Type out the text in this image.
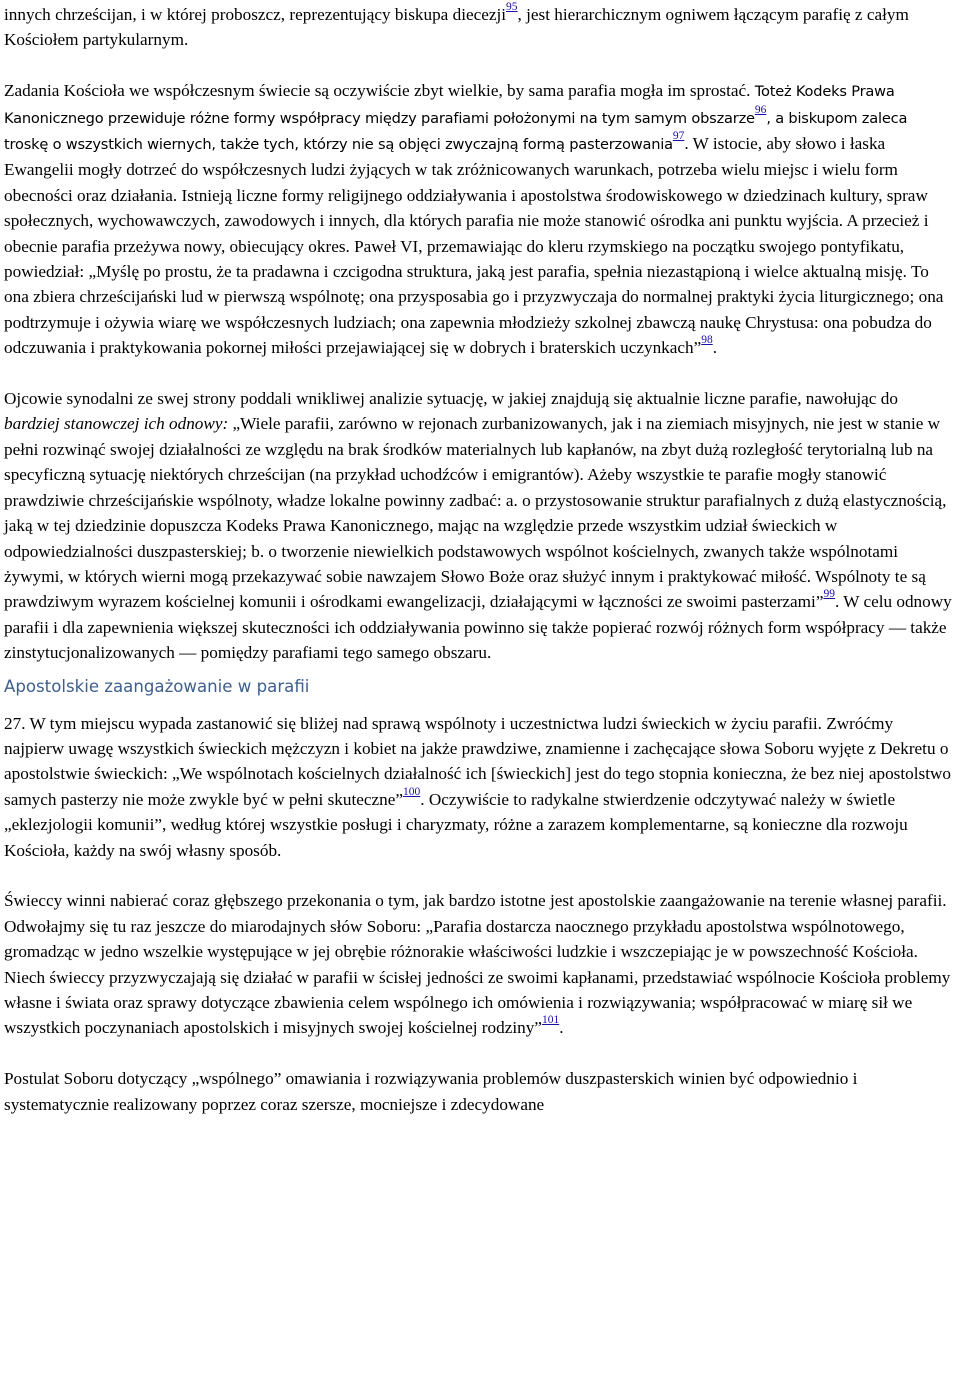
innych chrześcijan, i w której proboszcz, reprezentujący biskupa diecezji$^{95}$, jest hierarchicznym ogniwem łączącym parafię z całym Kościołem partykularnym.

Zadania Kościoła we współczesnym świecie są oczywiście zbyt wielkie, by sama parafia mogła im sprostać. Toteż Kodeks Prawa Kanonicznego przewiduje różne formy współpracy między parafiami położonymi na tym samym obszarze$^{96}$, a biskupom zaleca troskę o wszystkich wiernych, także tych, którzy nie są objęci zwyczajną formą pasterzowania$^{97}$. W istocie, aby słowo i łaska Ewangelii mogły dotrzeć do współczesnych ludzi żyjących w tak zróżnicowanych warunkach, potrzeba wielu miejsc i wielu form obecności oraz działania. Istnieją liczne formy religijnego oddziaływania i apostolstwa środowiskowego w dziedzinach kultury, spraw społecznych, wychowawczych, zawodowych i innych, dla których parafia nie może stanowić ośrodka ani punktu wyjścia. A przecież i obecnie parafia przeżywa nowy, obiecujący okres. Paweł VI, przemawiając do kleru rzymskiego na początku swojego pontyfikatu, powiedział: „Myślę po prostu, że ta pradawna i czcigodna struktura, jaką jest parafia, spełnia niezastąpioną i wielce aktualną misję. To ona zbiera chrześcijański lud w pierwszą wspólnotę; ona przysposabia go i przyzwyczaja do normalnej praktyki życia liturgicznego; ona podtrzymuje i ożywia wiarę we współczesnych ludziach; ona zapewnia młodzieży szkolnej zbawczą naukę Chrystusa: ona pobudza do odczuwania i praktykowania pokornej miłości przejawiającej się w dobrych i braterskich uczynkach”$^{98}$.

Ojcowie synodalni ze swej strony poddali wnikliwej analizie sytuację, w jakiej znajdują się aktualnie liczne parafie, nawołując do bardziej stanowczej ich odnowy: „Wiele parafii, zarówno w rejonach zurbanizowanych, jak i na ziemiach misyjnych, nie jest w stanie w pełni rozwinąć swojej działalności ze względu na brak środków materialnych lub kapłanów, na zbyt dużą rozległość terytorialną lub na specyficzną sytuację niektórych chrześcijan (na przykład uchodźców i emigrantów). Ażeby wszystkie te parafie mogły stanowić prawdziwie chrześcijańskie wspólnoty, władze lokalne powinny zadbać: a. o przystosowanie struktur parafialnych z dużą elastycznością, jaką w tej dziedzinie dopuszcza Kodeks Prawa Kanonicznego, mając na względzie przede wszystkim udział świeckich w odpowiedzialności duszpasterskiej; b. o tworzenie niewielkich podstawowych wspólnot kościelnych, zwanych także wspólnotami żywymi, w których wierni mogą przekazywać sobie nawzajem Słowo Boże oraz służyć innym i praktykować miłość. Wspólnoty te są prawdziwym wyrazem kościelnej komunii i ośrodkami ewangelizacji, działającymi w łączności ze swoimi pasterzami”$^{99}$. W celu odnowy parafii i dla zapewnienia większej skuteczności ich oddziaływania powinno się także popierać rozwój różnych form współpracy — także zinstytucjonalizowanych — pomiędzy parafiami tego samego obszaru.

Apostolskie zaangażowanie w parafii

27. W tym miejscu wypada zastanowić się bliżej nad sprawą wspólnoty i uczestnictwa ludzi świeckich w życiu parafii. Zwróćmy najpierw uwagę wszystkich świeckich mężczyzn i kobiet na jakże prawdziwe, znamienne i zachęcające słowa Soboru wyjęte z Dekretu o apostolstwie świeckich: „We wspólnotach kościelnych działalność ich [świeckich] jest do tego stopnia konieczna, że bez niej apostolstwo samych pasterzy nie może zwykle być w pełni skuteczne”$^{100}$. Oczywiście to radykalne stwierdzenie odczytywać należy w świetle „eklezjologii komunii”, według której wszystkie posługi i charyzmaty, różne a zarazem komplementarne, są konieczne dla rozwoju Kościoła, każdy na swój własny sposób.

Świeccy winni nabierać coraz głębszego przekonania o tym, jak bardzo istotne jest apostolskie zaangażowanie na terenie własnej parafii. Odwołajmy się tu raz jeszcze do miarodajnych słów Soboru: „Parafia dostarcza naocznego przykładu apostolstwa wspólnotowego, gromadząc w jedno wszelkie występujące w jej obrębie różnorakie właściwości ludzkie i wszczepiając je w powszechność Kościoła. Niech świeccy przyzwyczajają się działać w parafii w ścisłej jedności ze swoimi kapłanami, przedstawiać wspólnocie Kościoła problemy własne i świata oraz sprawy dotyczące zbawienia celem wspólnego ich omówienia i rozwiązywania; współpracować w miarę sił we wszystkich poczynaniach apostolskich i misyjnych swojej kościelnej rodziny”$^{101}$.

Postulat Soboru dotyczący „wspólnego” omawiania i rozwiązywania problemów duszpasterskich winien być odpowiednio i systematycznie realizowany poprzez coraz szersze, mocniejsze i zdecydowane
